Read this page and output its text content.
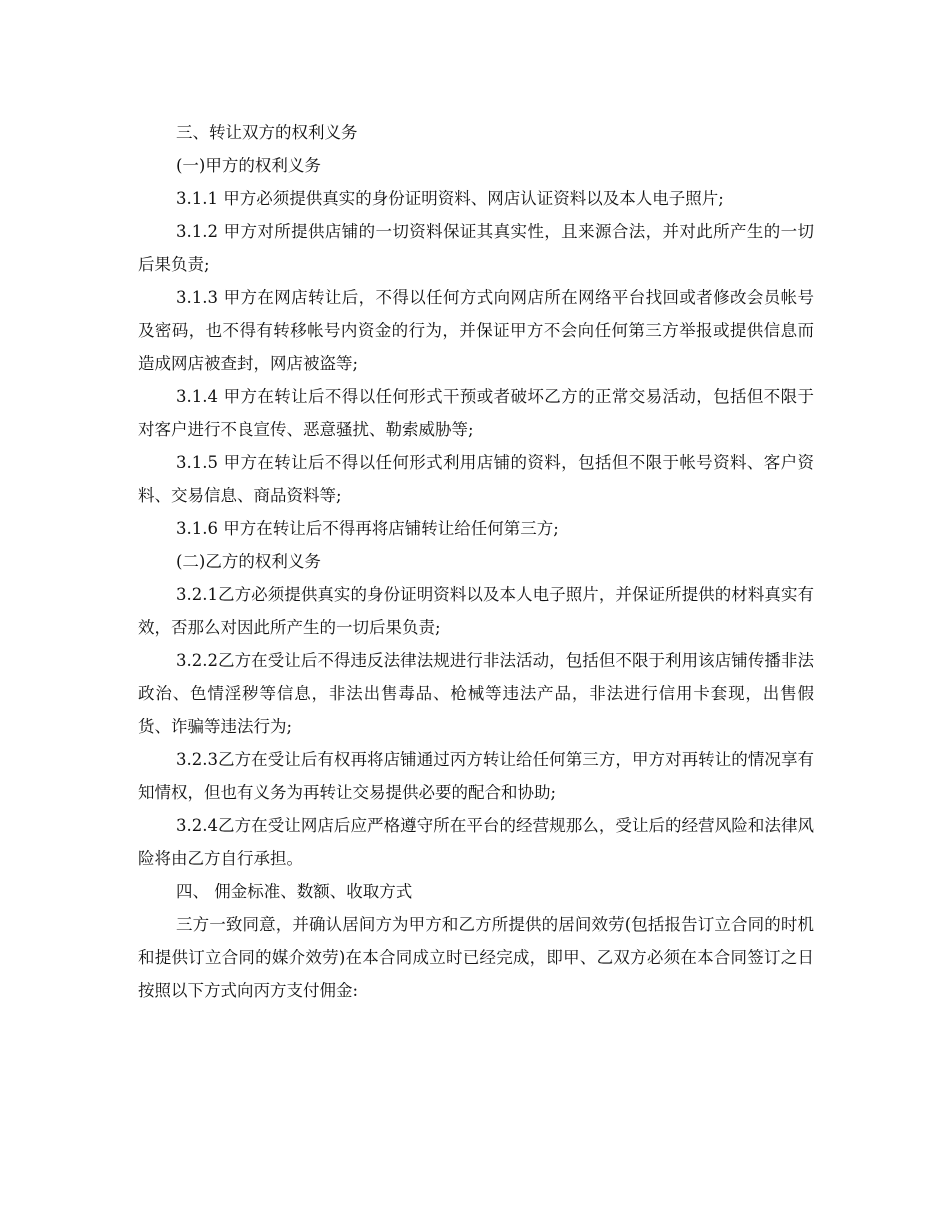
三、转让双方的权利义务

(一)甲方的权利义务

3.1.1 甲方必须提供真实的身份证明资料、网店认证资料以及本人电子照片;

3.1.2 甲方对所提供店铺的一切资料保证其真实性，且来源合法，并对此所产生的一切后果负责;

3.1.3 甲方在网店转让后，不得以任何方式向网店所在网络平台找回或者修改会员帐号及密码，也不得有转移帐号内资金的行为，并保证甲方不会向任何第三方举报或提供信息而造成网店被查封，网店被盗等;

3.1.4 甲方在转让后不得以任何形式干预或者破坏乙方的正常交易活动，包括但不限于对客户进行不良宣传、恶意骚扰、勒索威胁等;

3.1.5 甲方在转让后不得以任何形式利用店铺的资料，包括但不限于帐号资料、客户资料、交易信息、商品资料等;

3.1.6 甲方在转让后不得再将店铺转让给任何第三方;

(二)乙方的权利义务

3.2.1乙方必须提供真实的身份证明资料以及本人电子照片，并保证所提供的材料真实有效，否那么对因此所产生的一切后果负责;

3.2.2乙方在受让后不得违反法律法规进行非法活动，包括但不限于利用该店铺传播非法政治、色情淫秽等信息，非法出售毒品、枪械等违法产品，非法进行信用卡套现，出售假货、诈骗等违法行为;

3.2.3乙方在受让后有权再将店铺通过丙方转让给任何第三方，甲方对再转让的情况享有知情权，但也有义务为再转让交易提供必要的配合和协助;

3.2.4乙方在受让网店后应严格遵守所在平台的经营规那么，受让后的经营风险和法律风险将由乙方自行承担。

四、 佣金标准、数额、收取方式

三方一致同意，并确认居间方为甲方和乙方所提供的居间效劳(包括报告订立合同的时机和提供订立合同的媒介效劳)在本合同成立时已经完成，即甲、乙双方必须在本合同签订之日按照以下方式向丙方支付佣金:
